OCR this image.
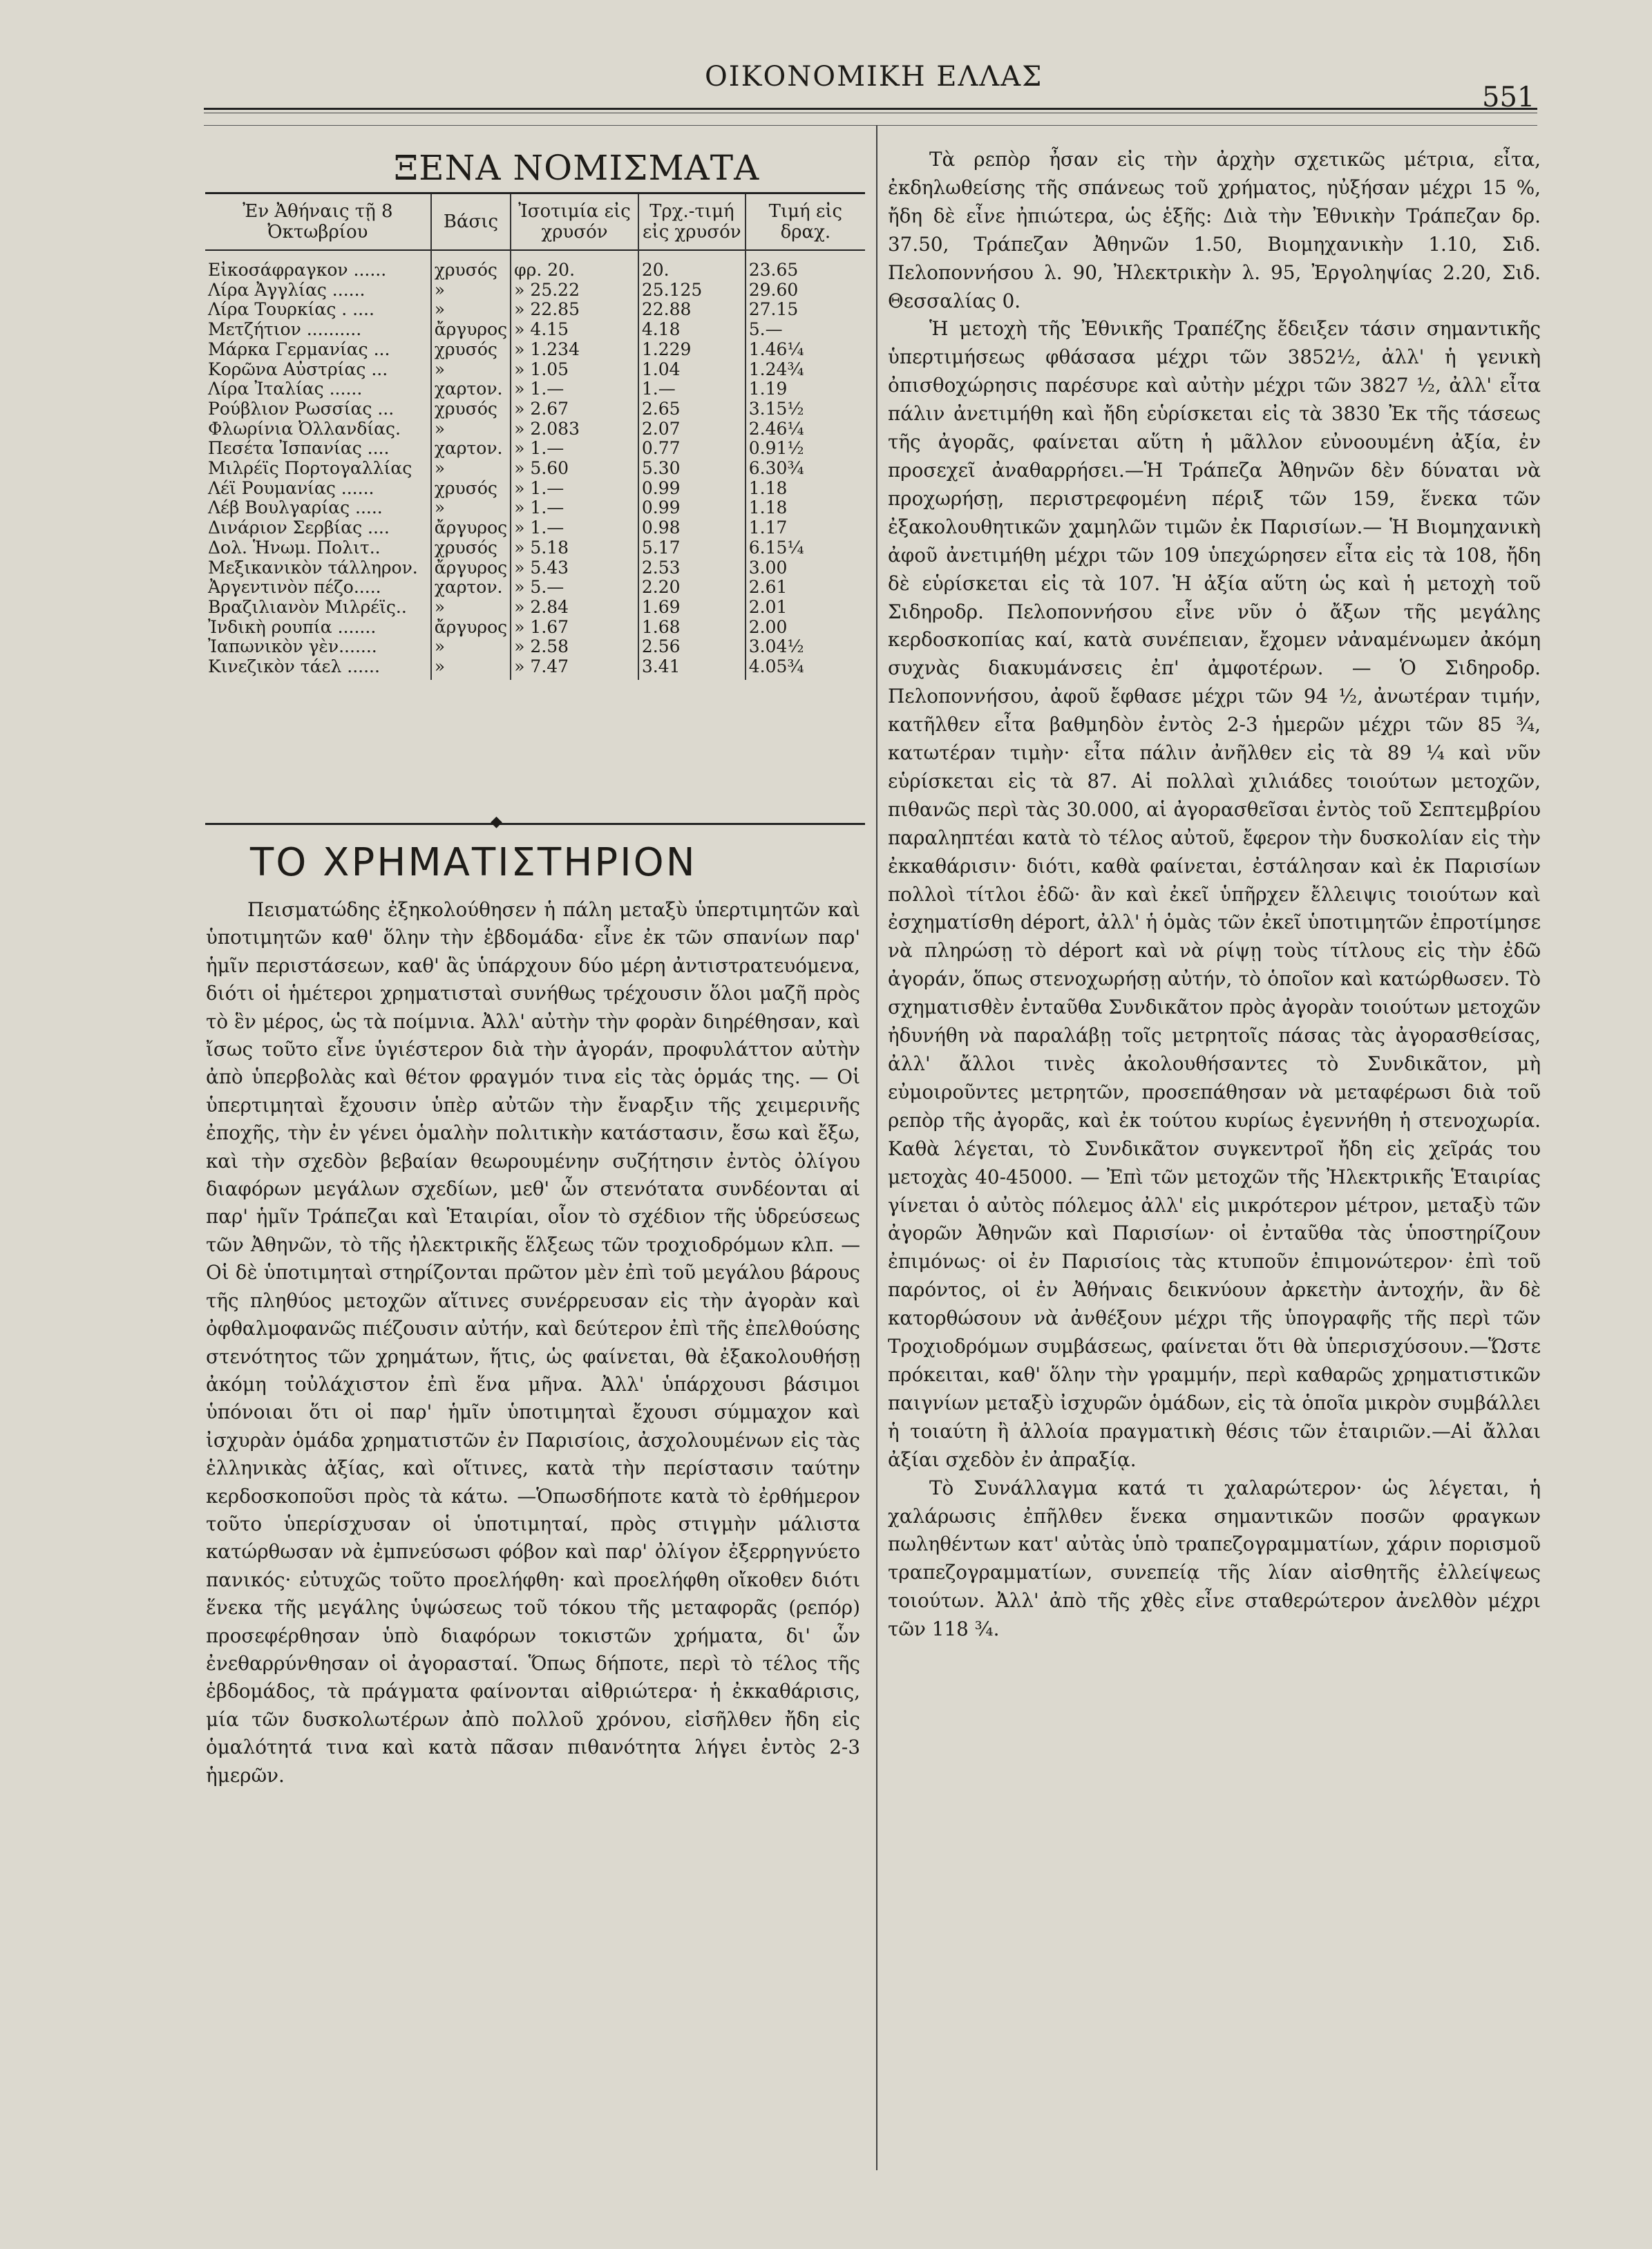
ΟΙΚΟΝΟΜΙΚΗ ΕΛΛΑΣ
551
ΞΕΝΑ ΝΟΜΙΣΜΑΤΑ
Ἐν Ἀθήναις τῇ 8 Ὀκτωβρίου	Βάσις	Ἰσοτιμία εἰς χρυσόν	Τρχ.-τιμή εἰς χρυσόν	Τιμή εἰς δραχ.
Εἰκοσάφραγκον ......	χρυσός	φρ. 20.	20.	23.65
Λίρα Ἀγγλίας ......	»	» 25.22	25.125	29.60
Λίρα Τουρκίας . ....	»	» 22.85	22.88	27.15
Μετζήτιον ..........	ἄργυρος	» 4.15	4.18	5.—
Μάρκα Γερμανίας ...	χρυσός	» 1.234	1.229	1.46¼
Κορῶνα Αὐστρίας ...	»	» 1.05	1.04	1.24¾
Λίρα Ἰταλίας ......	χαρτον.	» 1.—	1.—	1.19
Ρούβλιον Ρωσσίας ...	χρυσός	» 2.67	2.65	3.15½
Φλωρίνια Ὀλλανδίας.	»	» 2.083	2.07	2.46¼
Πεσέτα Ἰσπανίας ....	χαρτον.	» 1.—	0.77	0.91½
Μιλρέϊς Πορτογαλλίας	»	» 5.60	5.30	6.30¾
Λέϊ Ρουμανίας ......	χρυσός	» 1.—	0.99	1.18
Λέβ Βουλγαρίας .....	»	» 1.—	0.99	1.18
Δινάριον Σερβίας ....	ἄργυρος	» 1.—	0.98	1.17
Δολ. Ἡνωμ. Πολιτ..	χρυσός	» 5.18	5.17	6.15¼
Μεξικανικὸν τάλληρον.	ἄργυρος	» 5.43	2.53	3.00
Ἀργεντινὸν πέζο.....	χαρτον.	» 5.—	2.20	2.61
Βραζιλιανὸν Μιλρέϊς..	»	» 2.84	1.69	2.01
Ἰνδικὴ ρουπία .......	ἄργυρος	» 1.67	1.68	2.00
Ἰαπωνικὸν γὲν.......	»	» 2.58	2.56	3.04½
Κινεζικὸν τάελ ......	»	» 7.47	3.41	4.05¾
◆
ΤΟ ΧΡΗΜΑΤΙΣΤΗΡΙΟΝ

Πεισματώδης ἐξηκολούθησεν ἡ πάλη μεταξὺ ὑπερτιμητῶν καὶ ὑποτιμητῶν καθ' ὅλην τὴν ἑβδομάδα· εἶνε ἐκ τῶν σπανίων παρ' ἡμῖν περιστάσεων, καθ' ἃς ὑπάρχουν δύο μέρη ἀντιστρατευόμενα, διότι οἱ ἡμέτεροι χρηματισταὶ συνήθως τρέχουσιν ὅλοι μαζῆ πρὸς τὸ ἓν μέρος, ὡς τὰ ποίμνια. Ἀλλ' αὐτὴν τὴν φορὰν διηρέθησαν, καὶ ἴσως τοῦτο εἶνε ὑγιέστερον διὰ τὴν ἀγοράν, προφυλάττον αὐτὴν ἀπὸ ὑπερβολὰς καὶ θέτον φραγμόν τινα εἰς τὰς ὁρμάς της. — Οἱ ὑπερτιμηταὶ ἔχουσιν ὑπὲρ αὐτῶν τὴν ἔναρξιν τῆς χειμερινῆς ἐποχῆς, τὴν ἐν γένει ὁμαλὴν πολιτικὴν κατάστασιν, ἔσω καὶ ἔξω, καὶ τὴν σχεδὸν βεβαίαν θεωρουμένην συζήτησιν ἐντὸς ὀλίγου διαφόρων μεγάλων σχεδίων, μεθ' ὧν στενότατα συνδέονται αἱ παρ' ἡμῖν Τράπεζαι καὶ Ἑταιρίαι, οἷον τὸ σχέδιον τῆς ὑδρεύσεως τῶν Ἀθηνῶν, τὸ τῆς ἠλεκτρικῆς ἕλξεως τῶν τροχιοδρόμων κλπ. —Οἱ δὲ ὑποτιμηταὶ στηρίζονται πρῶτον μὲν ἐπὶ τοῦ μεγάλου βάρους τῆς πληθύος μετοχῶν αἵτινες συνέρρευσαν εἰς τὴν ἀγορὰν καὶ ὀφθαλμοφανῶς πιέζουσιν αὐτήν, καὶ δεύτερον ἐπὶ τῆς ἐπελθούσης στενότητος τῶν χρημάτων, ἥτις, ὡς φαίνεται, θὰ ἐξακολουθήσῃ ἀκόμη τοὐλάχιστον ἐπὶ ἕνα μῆνα. Ἀλλ' ὑπάρχουσι βάσιμοι ὑπόνοιαι ὅτι οἱ παρ' ἡμῖν ὑποτιμηταὶ ἔχουσι σύμμαχον καὶ ἰσχυρὰν ὁμάδα χρηματιστῶν ἐν Παρισίοις, ἀσχολουμένων εἰς τὰς ἑλληνικὰς ἀξίας, καὶ οἵτινες, κατὰ τὴν περίστασιν ταύτην κερδοσκοποῦσι πρὸς τὰ κάτω. —Ὁπωσδήποτε κατὰ τὸ ἐρθήμερον τοῦτο ὑπερίσχυσαν οἱ ὑποτιμηταί, πρὸς στιγμὴν μάλιστα κατώρθωσαν νὰ ἐμπνεύσωσι φόβον καὶ παρ' ὀλίγον ἐξερρηγνύετο πανικός· εὐτυχῶς τοῦτο προελήφθη· καὶ προελήφθη οἴκοθεν διότι ἕνεκα τῆς μεγάλης ὑψώσεως τοῦ τόκου τῆς μεταφορᾶς (ρεπόρ) προσεφέρθησαν ὑπὸ διαφόρων τοκιστῶν χρήματα, δι' ὧν ἐνεθαρρύνθησαν οἱ ἀγορασταί. Ὅπως δήποτε, περὶ τὸ τέλος τῆς ἑβδομάδος, τὰ πράγματα φαίνονται αἰθριώτερα· ἡ ἐκκαθάρισις, μία τῶν δυσκολωτέρων ἀπὸ πολλοῦ χρόνου, εἰσῆλθεν ἤδη εἰς ὁμαλότητά τινα καὶ κατὰ πᾶσαν πιθανότητα λήγει ἐντὸς 2-3 ἡμερῶν.

Τὰ ρεπὸρ ἦσαν εἰς τὴν ἀρχὴν σχετικῶς μέτρια, εἶτα, ἐκδηλωθείσης τῆς σπάνεως τοῦ χρήματος, ηὐξήσαν μέχρι 15 %, ἤδη δὲ εἶνε ἠπιώτερα, ὡς ἑξῆς: Διὰ τὴν Ἐθνικὴν Τράπεζαν δρ. 37.50, Τράπεζαν Ἀθηνῶν 1.50, Βιομηχανικὴν 1.10, Σιδ. Πελοποννήσου λ. 90, Ἠλεκτρικὴν λ. 95, Ἐργοληψίας 2.20, Σιδ. Θεσσαλίας 0.

Ἡ μετοχὴ τῆς Ἐθνικῆς Τραπέζης ἔδειξεν τάσιν σημαντικῆς ὑπερτιμήσεως φθάσασα μέχρι τῶν 3852½, ἀλλ' ἡ γενικὴ ὀπισθοχώρησις παρέσυρε καὶ αὐτὴν μέχρι τῶν 3827 ½, ἀλλ' εἶτα πάλιν ἀνετιμήθη καὶ ἤδη εὑρίσκεται εἰς τὰ 3830 Ἐκ τῆς τάσεως τῆς ἀγορᾶς, φαίνεται αὕτη ἡ μᾶλλον εὐνοουμένη ἀξία, ἐν προσεχεῖ ἀναθαρρήσει.—Ἡ Τράπεζα Ἀθηνῶν δὲν δύναται νὰ προχωρήσῃ, περιστρεφομένη πέριξ τῶν 159, ἕνεκα τῶν ἐξακολουθητικῶν χαμηλῶν τιμῶν ἐκ Παρισίων.— Ἡ Βιομηχανικὴ ἀφοῦ ἀνετιμήθη μέχρι τῶν 109 ὑπεχώρησεν εἶτα εἰς τὰ 108, ἤδη δὲ εὑρίσκεται εἰς τὰ 107. Ἡ ἀξία αὕτη ὡς καὶ ἡ μετοχὴ τοῦ Σιδηροδρ. Πελοποννήσου εἶνε νῦν ὁ ἄξων τῆς μεγάλης κερδοσκοπίας καί, κατὰ συνέπειαν, ἔχομεν νἀναμένωμεν ἀκόμη συχνὰς διακυμάνσεις ἐπ' ἀμφοτέρων. — Ὁ Σιδηροδρ. Πελοποννήσου, ἀφοῦ ἔφθασε μέχρι τῶν 94 ½, ἀνωτέραν τιμήν, κατῆλθεν εἶτα βαθμηδὸν ἐντὸς 2-3 ἡμερῶν μέχρι τῶν 85 ¾, κατωτέραν τιμὴν· εἶτα πάλιν ἀνῆλθεν εἰς τὰ 89 ¼ καὶ νῦν εὑρίσκεται εἰς τὰ 87. Αἱ πολλαὶ χιλιάδες τοιούτων μετοχῶν, πιθανῶς περὶ τὰς 30.000, αἱ ἀγορασθεῖσαι ἐντὸς τοῦ Σεπτεμβρίου παραληπτέαι κατὰ τὸ τέλος αὐτοῦ, ἔφερον τὴν δυσκολίαν εἰς τὴν ἐκκαθάρισιν· διότι, καθὰ φαίνεται, ἐστάλησαν καὶ ἐκ Παρισίων πολλοὶ τίτλοι ἐδῶ· ἂν καὶ ἐκεῖ ὑπῆρχεν ἔλλειψις τοιούτων καὶ ἐσχηματίσθη déport, ἀλλ' ἡ ὁμὰς τῶν ἐκεῖ ὑποτιμητῶν ἐπροτίμησε νὰ πληρώσῃ τὸ déport καὶ νὰ ρίψῃ τοὺς τίτλους εἰς τὴν ἐδῶ ἀγοράν, ὅπως στενοχωρήσῃ αὐτήν, τὸ ὁποῖον καὶ κατώρθωσεν. Τὸ σχηματισθὲν ἐνταῦθα Συνδικᾶτον πρὸς ἀγορὰν τοιούτων μετοχῶν ἠδυνήθη νὰ παραλάβῃ τοῖς μετρητοῖς πάσας τὰς ἀγορασθείσας, ἀλλ' ἄλλοι τινὲς ἀκολουθήσαντες τὸ Συνδικᾶτον, μὴ εὐμοιροῦντες μετρητῶν, προσεπάθησαν νὰ μεταφέρωσι διὰ τοῦ ρεπὸρ τῆς ἀγορᾶς, καὶ ἐκ τούτου κυρίως ἐγεννήθη ἡ στενοχωρία. Καθὰ λέγεται, τὸ Συνδικᾶτον συγκεντροῖ ἤδη εἰς χεῖράς του μετοχὰς 40-45000. — Ἐπὶ τῶν μετοχῶν τῆς Ἠλεκτρικῆς Ἑταιρίας γίνεται ὁ αὐτὸς πόλεμος ἀλλ' εἰς μικρότερον μέτρον, μεταξὺ τῶν ἀγορῶν Ἀθηνῶν καὶ Παρισίων· οἱ ἐνταῦθα τὰς ὑποστηρίζουν ἐπιμόνως· οἱ ἐν Παρισίοις τὰς κτυποῦν ἐπιμονώτερον· ἐπὶ τοῦ παρόντος, οἱ ἐν Ἀθήναις δεικνύουν ἀρκετὴν ἀντοχήν, ἂν δὲ κατορθώσουν νὰ ἀνθέξουν μέχρι τῆς ὑπογραφῆς τῆς περὶ τῶν Τροχιοδρόμων συμβάσεως, φαίνεται ὅτι θὰ ὑπερισχύσουν.—Ὥστε πρόκειται, καθ' ὅλην τὴν γραμμήν, περὶ καθαρῶς χρηματιστικῶν παιγνίων μεταξὺ ἰσχυρῶν ὁμάδων, εἰς τὰ ὁποῖα μικρὸν συμβάλλει ἡ τοιαύτη ἢ ἀλλοία πραγματικὴ θέσις τῶν ἑταιριῶν.—Αἱ ἄλλαι ἀξίαι σχεδὸν ἐν ἀπραξίᾳ.

Τὸ Συνάλλαγμα κατά τι χαλαρώτερον· ὡς λέγεται, ἡ χαλάρωσις ἐπῆλθεν ἕνεκα σημαντικῶν ποσῶν φραγκων πωληθέντων κατ' αὐτὰς ὑπὸ τραπεζογραμματίων, χάριν πορισμοῦ τραπεζογραμματίων, συνεπείᾳ τῆς λίαν αἰσθητῆς ἐλλείψεως τοιούτων. Ἀλλ' ἀπὸ τῆς χθὲς εἶνε σταθερώτερον ἀνελθὸν μέχρι τῶν 118 ¾.
